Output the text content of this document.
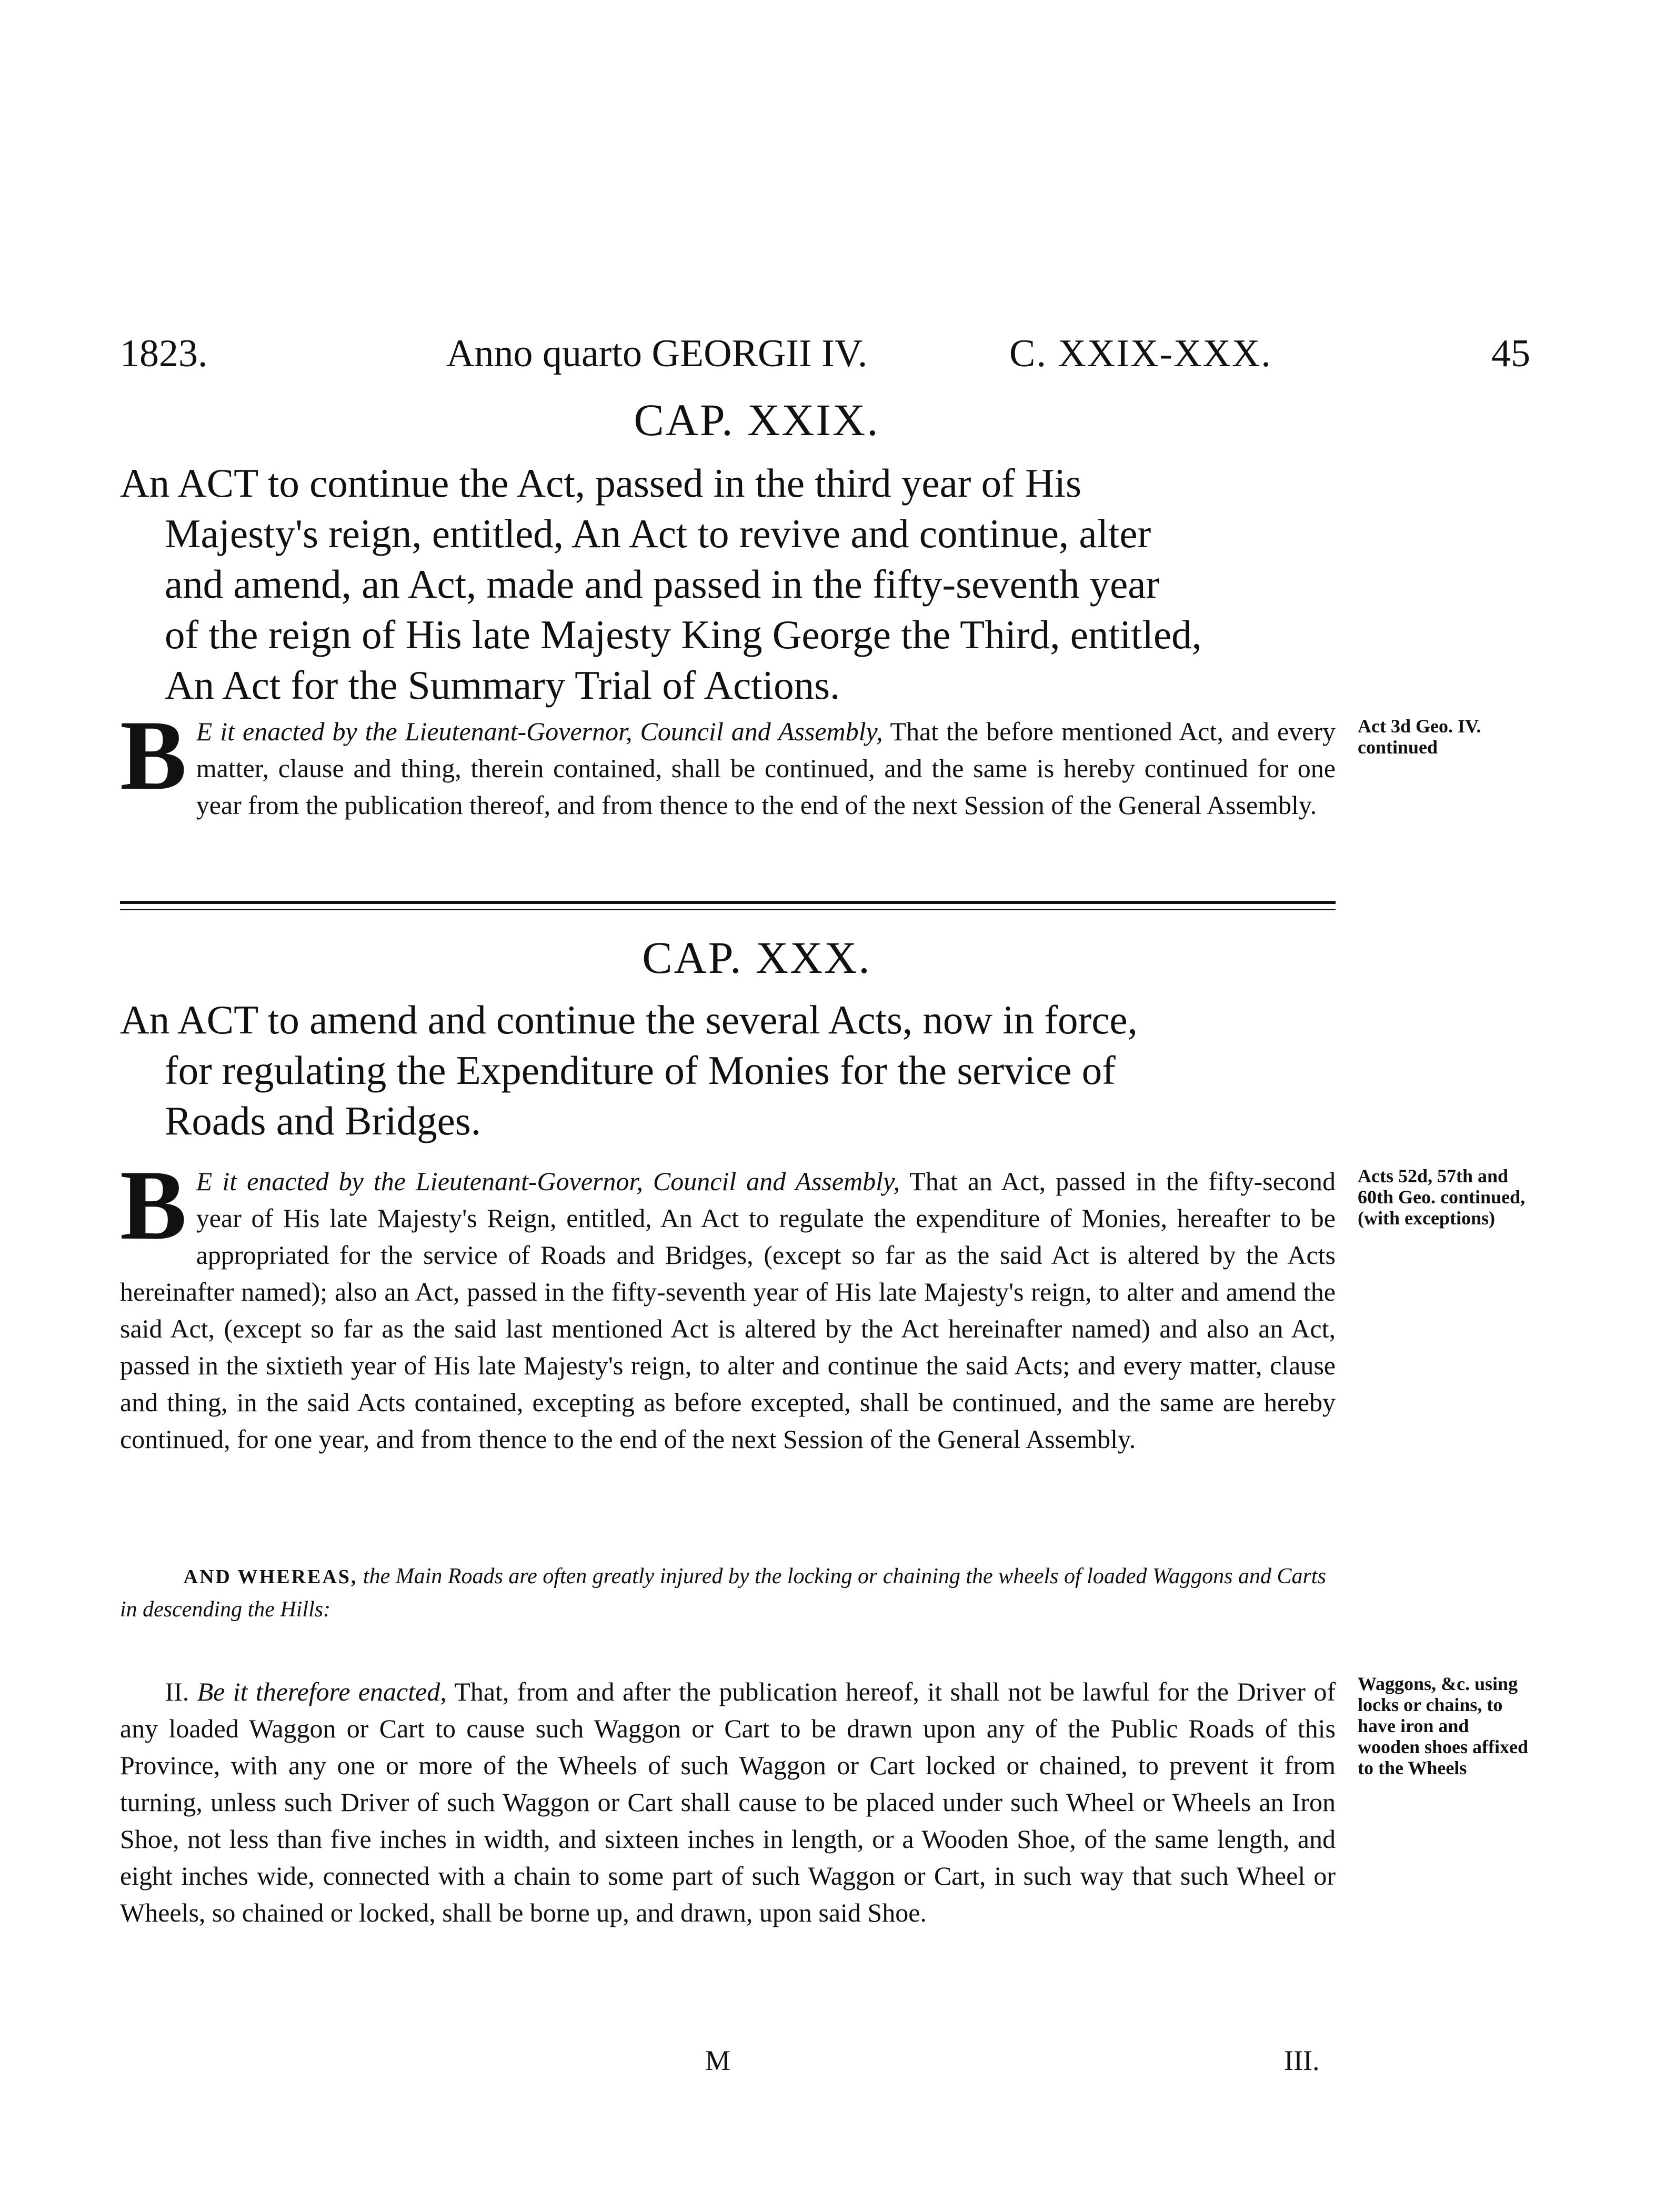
1823.	Anno quarto GEORGII IV.	C. XXIX-XXX.	45
CAP. XXIX.
An ACT to continue the Act, passed in the third year of His
Majesty's reign, entitled, An Act to revive and continue, alter
and amend, an Act, made and passed in the fifty-seventh year
of the reign of His late Majesty King George the Third, entitled,
An Act for the Summary Trial of Actions.
B E it enacted by the Lieutenant-Governor, Council and Assembly, That the before mentioned Act, and every matter, clause and thing, therein contained, shall be continued, and the same is hereby continued for one year from the publication thereof, and from thence to the end of the next Session of the General Assembly.
Act 3d Geo. IV. continued
CAP. XXX.
An ACT to amend and continue the several Acts, now in force,
for regulating the Expenditure of Monies for the service of
Roads and Bridges.
B E it enacted by the Lieutenant-Governor, Council and Assembly, That an Act, passed in the fifty-second year of His late Majesty's Reign, entitled, An Act to regulate the expenditure of Monies, hereafter to be appropriated for the service of Roads and Bridges, (except so far as the said Act is altered by the Acts hereinafter named); also an Act, passed in the fifty-seventh year of His late Majesty's reign, to alter and amend the said Act, (except so far as the said last mentioned Act is altered by the Act hereinafter named) and also an Act, passed in the sixtieth year of His late Majesty's reign, to alter and continue the said Acts; and every matter, clause and thing, in the said Acts contained, excepting as before excepted, shall be continued, and the same are hereby continued, for one year, and from thence to the end of the next Session of the General Assembly.
Acts 52d, 57th and 60th Geo. continued, (with exceptions)
AND WHEREAS, the Main Roads are often greatly injured by the locking or chaining the wheels of loaded Waggons and Carts in descending the Hills:
II. Be it therefore enacted, That, from and after the publication hereof, it shall not be lawful for the Driver of any loaded Waggon or Cart to cause such Waggon or Cart to be drawn upon any of the Public Roads of this Province, with any one or more of the Wheels of such Waggon or Cart locked or chained, to prevent it from turning, unless such Driver of such Waggon or Cart shall cause to be placed under such Wheel or Wheels an Iron Shoe, not less than five inches in width, and sixteen inches in length, or a Wooden Shoe, of the same length, and eight inches wide, connected with a chain to some part of such Waggon or Cart, in such way that such Wheel or Wheels, so chained or locked, shall be borne up, and drawn, upon said Shoe.
Waggons, &c. using locks or chains, to have iron and wooden shoes affixed to the Wheels
M	III.
